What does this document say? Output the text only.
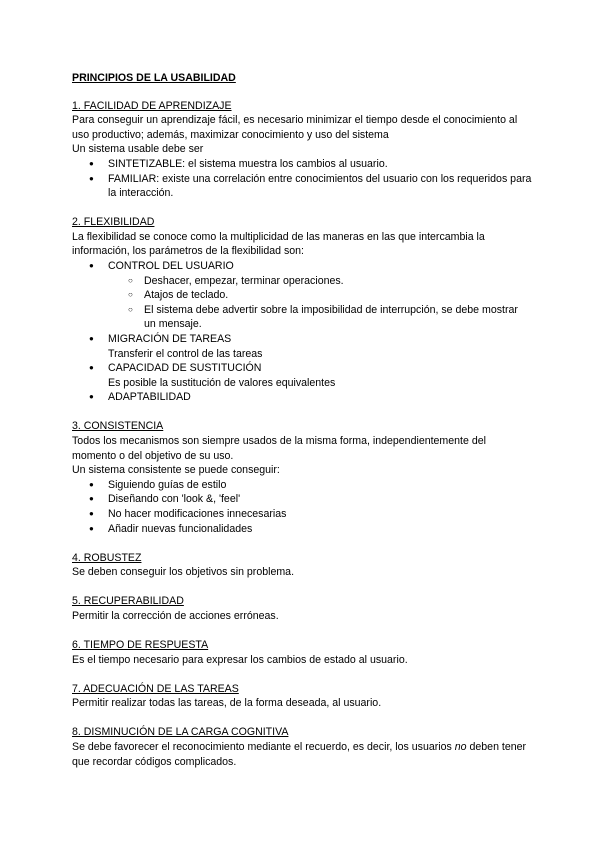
PRINCIPIOS DE LA USABILIDAD

1. FACILIDAD DE APRENDIZAJE

Para conseguir un aprendizaje fácil, es necesario minimizar el tiempo desde el conocimiento al uso productivo; además, maximizar conocimiento y uso del sistema

Un sistema usable debe ser

● SINTETIZABLE: el sistema muestra los cambios al usuario.
● FAMILIAR: existe una correlación entre conocimientos del usuario con los requeridos para la interacción.

2. FLEXIBILIDAD

La flexibilidad se conoce como la multiplicidad de las maneras en las que intercambia la información, los parámetros de la flexibilidad son:

● CONTROL DEL USUARIO
○ Deshacer, empezar, terminar operaciones.
○ Atajos de teclado.
○ El sistema debe advertir sobre la imposibilidad de interrupción, se debe mostrar un mensaje.
● MIGRACIÓN DE TAREAS
Transferir el control de las tareas
● CAPACIDAD DE SUSTITUCIÓN
Es posible la sustitución de valores equivalentes
● ADAPTABILIDAD

3. CONSISTENCIA

Todos los mecanismos son siempre usados de la misma forma, independientemente del momento o del objetivo de su uso.

Un sistema consistente se puede conseguir:

● Siguiendo guías de estilo
● Diseñando con 'look &, 'feel'
● No hacer modificaciones innecesarias
● Añadir nuevas funcionalidades

4. ROBUSTEZ

Se deben conseguir los objetivos sin problema.

5. RECUPERABILIDAD

Permitir la corrección de acciones erróneas.

6. TIEMPO DE RESPUESTA

Es el tiempo necesario para expresar los cambios de estado al usuario.

7. ADECUACIÓN DE LAS TAREAS

Permitir realizar todas las tareas, de la forma deseada, al usuario.

8. DISMINUCIÓN DE LA CARGA COGNITIVA

Se debe favorecer el reconocimiento mediante el recuerdo, es decir, los usuarios no deben tener que recordar códigos complicados.
